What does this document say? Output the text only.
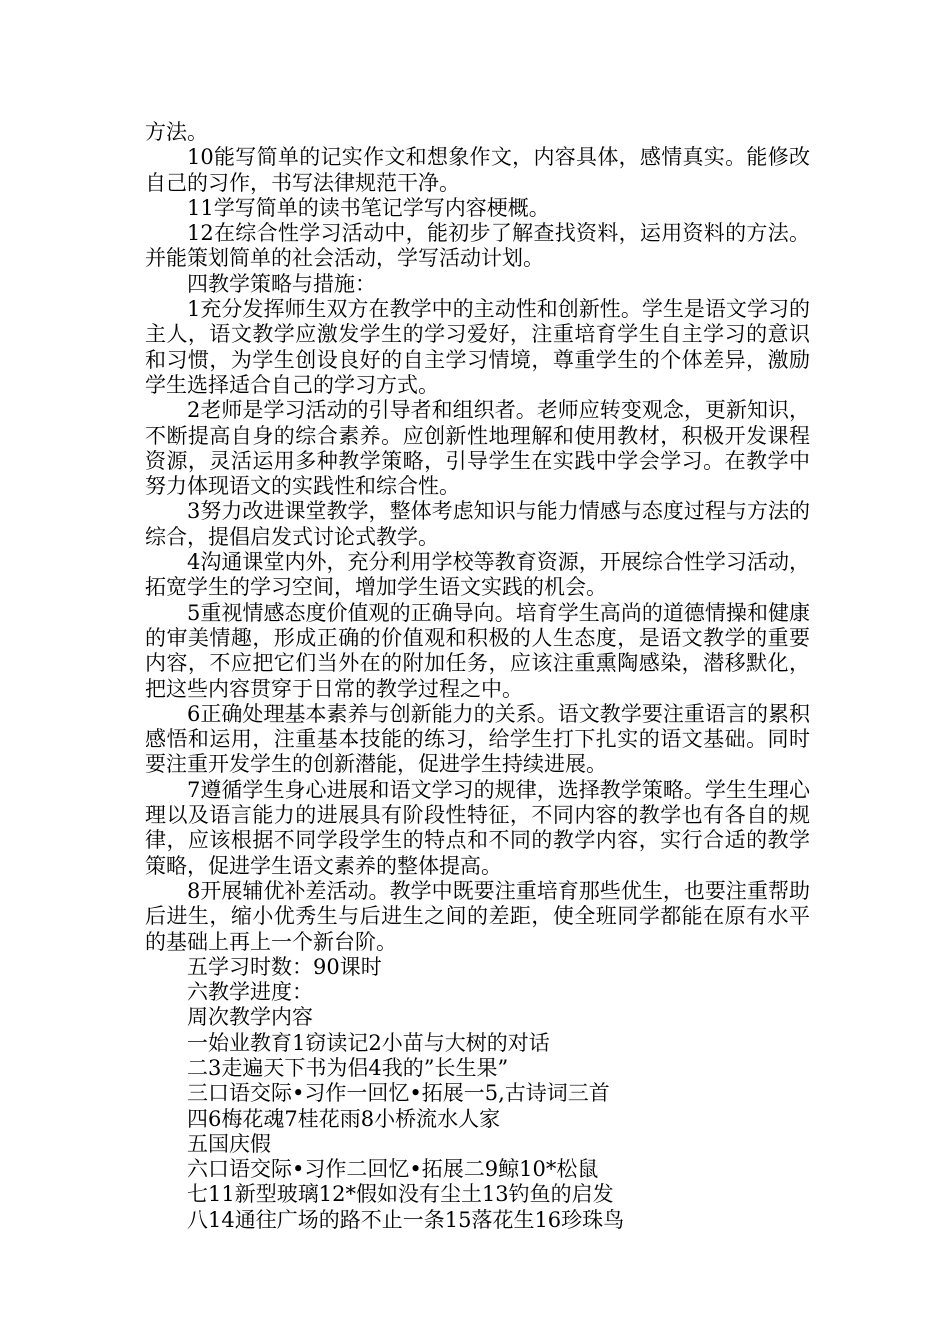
方法。

10能写简单的记实作文和想象作文，内容具体，感情真实。能修改自己的习作，书写法律规范干净。

11学写简单的读书笔记学写内容梗概。

12在综合性学习活动中，能初步了解查找资料，运用资料的方法。并能策划简单的社会活动，学写活动计划。

四教学策略与措施：

1充分发挥师生双方在教学中的主动性和创新性。学生是语文学习的主人，语文教学应激发学生的学习爱好，注重培育学生自主学习的意识和习惯，为学生创设良好的自主学习情境，尊重学生的个体差异，激励学生选择适合自己的学习方式。

2老师是学习活动的引导者和组织者。老师应转变观念，更新知识，不断提高自身的综合素养。应创新性地理解和使用教材，积极开发课程资源，灵活运用多种教学策略，引导学生在实践中学会学习。在教学中努力体现语文的实践性和综合性。

3努力改进课堂教学，整体考虑知识与能力情感与态度过程与方法的综合，提倡启发式讨论式教学。

4沟通课堂内外，充分利用学校等教育资源，开展综合性学习活动，拓宽学生的学习空间，增加学生语文实践的机会。

5重视情感态度价值观的正确导向。培育学生高尚的道德情操和健康的审美情趣，形成正确的价值观和积极的人生态度，是语文教学的重要内容，不应把它们当外在的附加任务，应该注重熏陶感染，潜移默化，把这些内容贯穿于日常的教学过程之中。

6正确处理基本素养与创新能力的关系。语文教学要注重语言的累积感悟和运用，注重基本技能的练习，给学生打下扎实的语文基础。同时要注重开发学生的创新潜能，促进学生持续进展。

7遵循学生身心进展和语文学习的规律，选择教学策略。学生生理心理以及语言能力的进展具有阶段性特征，不同内容的教学也有各自的规律，应该根据不同学段学生的特点和不同的教学内容，实行合适的教学策略，促进学生语文素养的整体提高。

8开展辅优补差活动。教学中既要注重培育那些优生，也要注重帮助后进生，缩小优秀生与后进生之间的差距，使全班同学都能在原有水平的基础上再上一个新台阶。

五学习时数：90课时

六教学进度：

周次教学内容

一始业教育1窃读记2小苗与大树的对话

二3走遍天下书为侣4我的”长生果”

三口语交际•习作一回忆•拓展一5,古诗词三首

四6梅花魂7桂花雨8小桥流水人家

五国庆假

六口语交际•习作二回忆•拓展二9鲸10*松鼠

七11新型玻璃12*假如没有尘土13钓鱼的启发

八14通往广场的路不止一条15落花生16珍珠鸟
